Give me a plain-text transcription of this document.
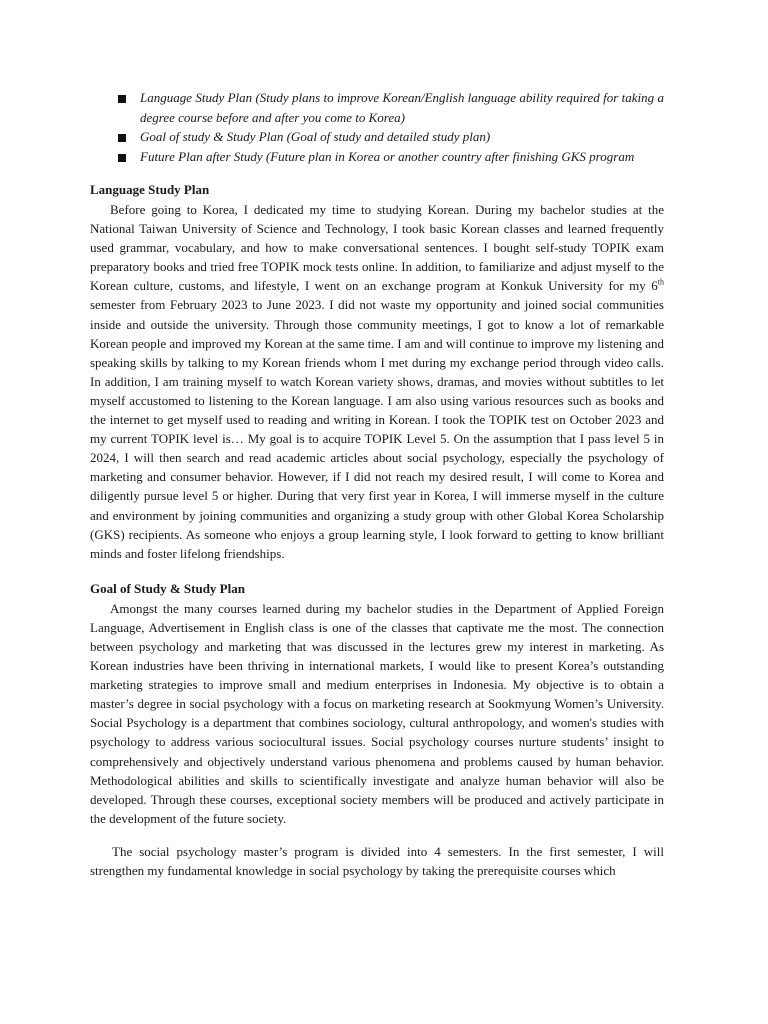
Language Study Plan (Study plans to improve Korean/English language ability required for taking a degree course before and after you come to Korea)
Goal of study & Study Plan (Goal of study and detailed study plan)
Future Plan after Study (Future plan in Korea or another country after finishing GKS program
Language Study Plan

Before going to Korea, I dedicated my time to studying Korean. During my bachelor studies at the National Taiwan University of Science and Technology, I took basic Korean classes and learned frequently used grammar, vocabulary, and how to make conversational sentences. I bought self-study TOPIK exam preparatory books and tried free TOPIK mock tests online. In addition, to familiarize and adjust myself to the Korean culture, customs, and lifestyle, I went on an exchange program at Konkuk University for my 6th semester from February 2023 to June 2023. I did not waste my opportunity and joined social communities inside and outside the university. Through those community meetings, I got to know a lot of remarkable Korean people and improved my Korean at the same time. I am and will continue to improve my listening and speaking skills by talking to my Korean friends whom I met during my exchange period through video calls. In addition, I am training myself to watch Korean variety shows, dramas, and movies without subtitles to let myself accustomed to listening to the Korean language. I am also using various resources such as books and the internet to get myself used to reading and writing in Korean. I took the TOPIK test on October 2023 and my current TOPIK level is… My goal is to acquire TOPIK Level 5. On the assumption that I pass level 5 in 2024, I will then search and read academic articles about social psychology, especially the psychology of marketing and consumer behavior. However, if I did not reach my desired result, I will come to Korea and diligently pursue level 5 or higher. During that very first year in Korea, I will immerse myself in the culture and environment by joining communities and organizing a study group with other Global Korea Scholarship (GKS) recipients. As someone who enjoys a group learning style, I look forward to getting to know brilliant minds and foster lifelong friendships.

Goal of Study & Study Plan

Amongst the many courses learned during my bachelor studies in the Department of Applied Foreign Language, Advertisement in English class is one of the classes that captivate me the most. The connection between psychology and marketing that was discussed in the lectures grew my interest in marketing. As Korean industries have been thriving in international markets, I would like to present Korea’s outstanding marketing strategies to improve small and medium enterprises in Indonesia. My objective is to obtain a master’s degree in social psychology with a focus on marketing research at Sookmyung Women’s University. Social Psychology is a department that combines sociology, cultural anthropology, and women's studies with psychology to address various sociocultural issues. Social psychology courses nurture students’ insight to comprehensively and objectively understand various phenomena and problems caused by human behavior. Methodological abilities and skills to scientifically investigate and analyze human behavior will also be developed. Through these courses, exceptional society members will be produced and actively participate in the development of the future society.

The social psychology master’s program is divided into 4 semesters. In the first semester, I will strengthen my fundamental knowledge in social psychology by taking the prerequisite courses which
